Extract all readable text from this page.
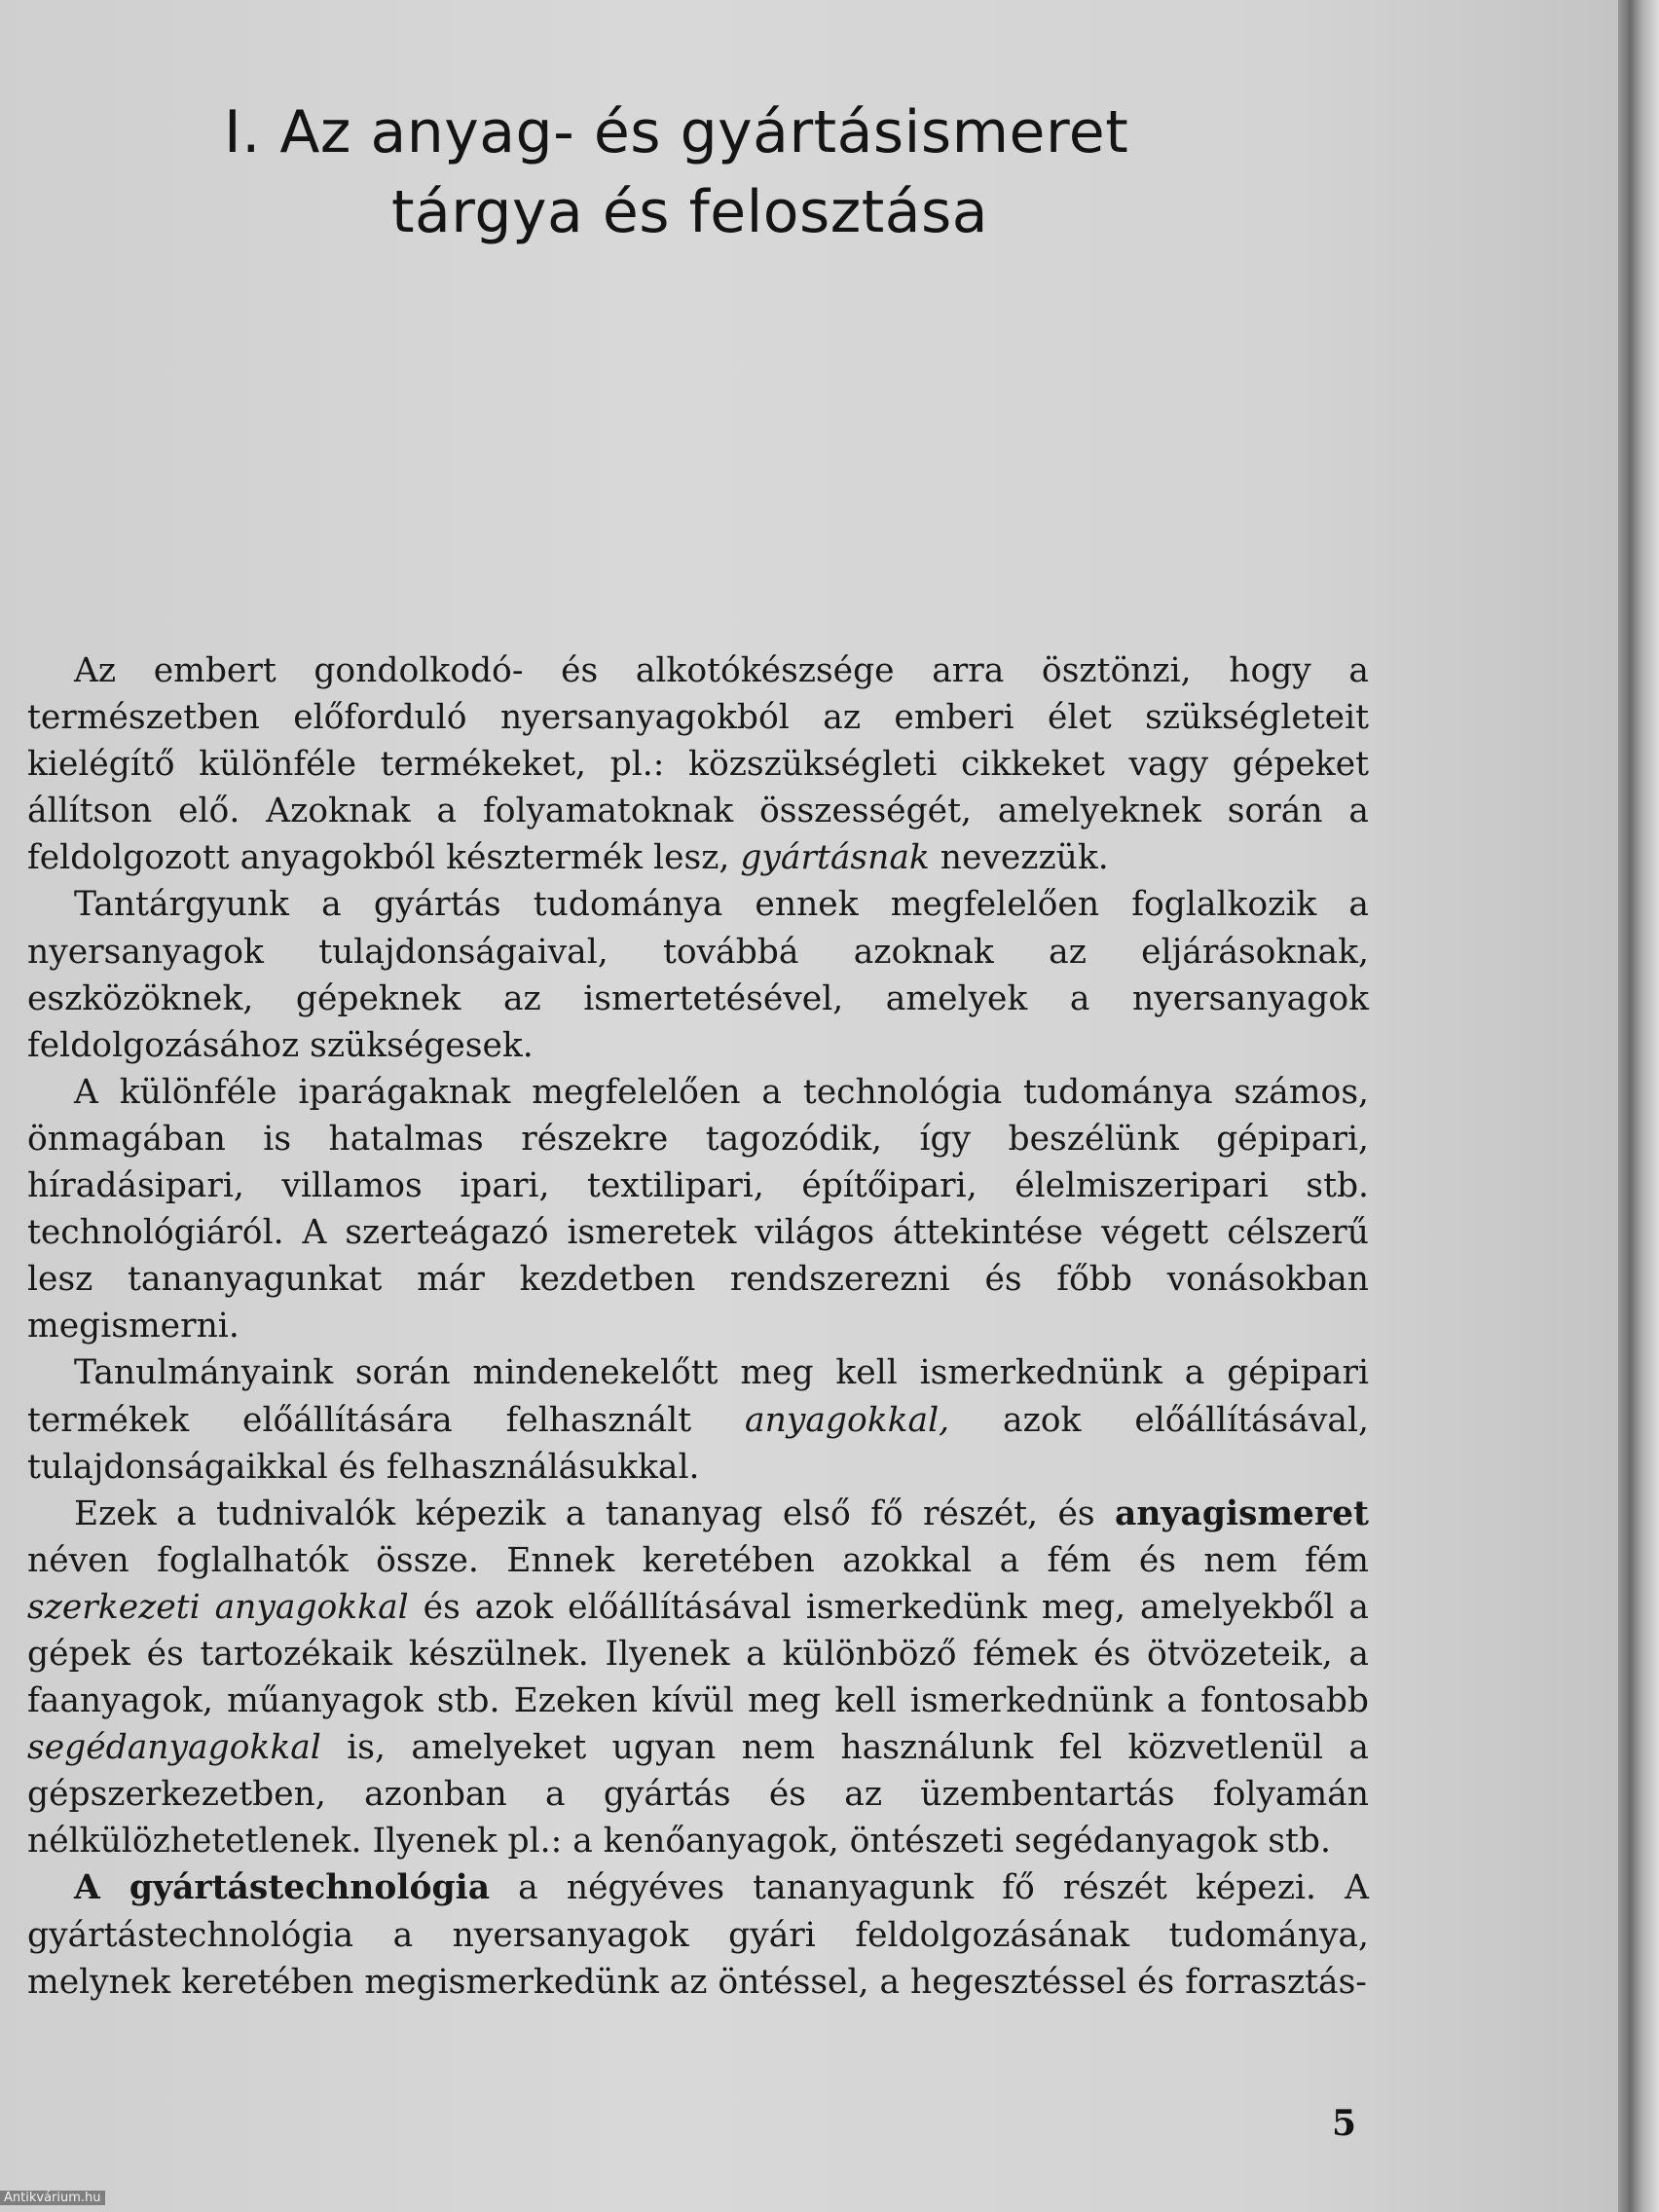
I. Az anyag- és gyártásismeret
tárgya és felosztása

Az embert gondolkodó- és alkotókészsége arra ösztönzi, hogy a természetben előforduló nyersanyagokból az emberi élet szükségleteit kielégítő különféle termékeket, pl.: közszükségleti cikkeket vagy gépeket állítson elő. Azoknak a folyamatoknak összességét, amelyeknek során a feldolgozott anyagokból késztermék lesz, gyártásnak nevezzük.

Tantárgyunk a gyártás tudománya ennek megfelelően foglalkozik a nyersanyagok tulajdonságaival, továbbá azoknak az eljárásoknak, eszközöknek, gépeknek az ismertetésével, amelyek a nyersanyagok feldolgozásához szükségesek.

A különféle iparágaknak megfelelően a technológia tudománya számos, önmagában is hatalmas részekre tagozódik, így beszélünk gépipari, híradásipari, villamos ipari, textilipari, építőipari, élelmiszeripari stb. technológiáról. A szerteágazó ismeretek világos áttekintése végett célszerű lesz tananyagunkat már kezdetben rendszerezni és főbb vonásokban megismerni.

Tanulmányaink során mindenekelőtt meg kell ismerkednünk a gépipari termékek előállítására felhasznált anyagokkal, azok előállításával, tulajdonságaikkal és felhasználásukkal.

Ezek a tudnivalók képezik a tananyag első fő részét, és anyagismeret néven foglalhatók össze. Ennek keretében azokkal a fém és nem fém szerkezeti anyagokkal és azok előállításával ismerkedünk meg, amelyekből a gépek és tartozékaik készülnek. Ilyenek a különböző fémek és ötvözeteik, a faanyagok, műanyagok stb. Ezeken kívül meg kell ismerkednünk a fontosabb segédanyagokkal is, amelyeket ugyan nem használunk fel közvetlenül a gépszerkezetben, azonban a gyártás és az üzembentartás folyamán nélkülözhetetlenek. Ilyenek pl.: a kenőanyagok, öntészeti segédanyagok stb.

A gyártástechnológia a négyéves tananyagunk fő részét képezi. A gyártástechnológia a nyersanyagok gyári feldolgozásának tudománya, melynek keretében megismerkedünk az öntéssel, a hegesztéssel és forrasztás-

5
Antikvárium.hu
